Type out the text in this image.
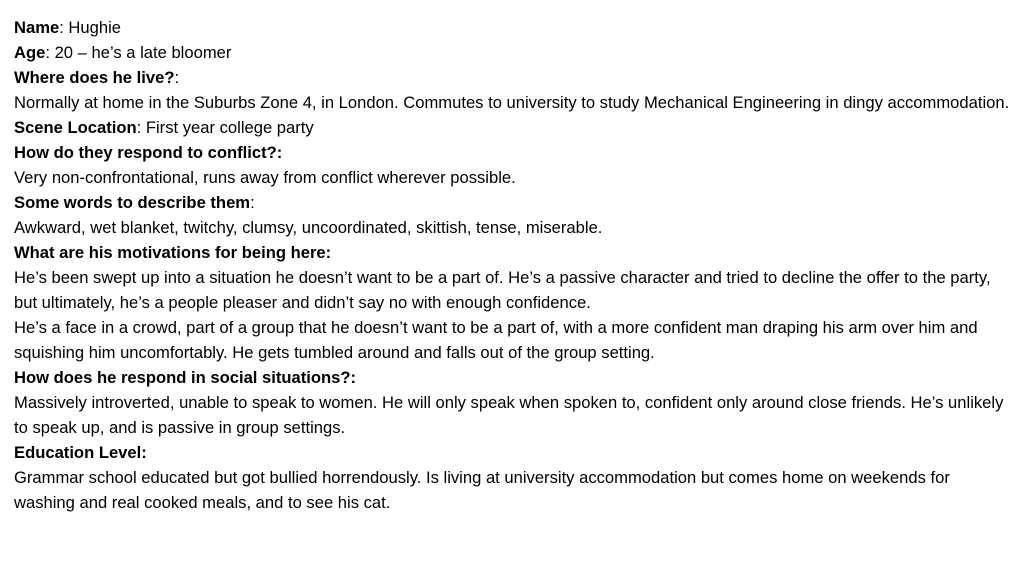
Name: Hughie

Age: 20 – he’s a late bloomer

Where does he live?:

Normally at home in the Suburbs Zone 4, in London. Commutes to university to study Mechanical Engineering in dingy accommodation.

Scene Location: First year college party

How do they respond to conflict?:

Very non-confrontational, runs away from conflict wherever possible.

Some words to describe them:

Awkward, wet blanket, twitchy, clumsy, uncoordinated, skittish, tense, miserable.

What are his motivations for being here:

He’s been swept up into a situation he doesn’t want to be a part of. He’s a passive character and tried to decline the offer to the party, but ultimately, he’s a people pleaser and didn’t say no with enough confidence.

He’s a face in a crowd, part of a group that he doesn’t want to be a part of, with a more confident man draping his arm over him and squishing him uncomfortably. He gets tumbled around and falls out of the group setting.

How does he respond in social situations?:

Massively introverted, unable to speak to women. He will only speak when spoken to, confident only around close friends. He’s unlikely to speak up, and is passive in group settings.

Education Level:

Grammar school educated but got bullied horrendously. Is living at university accommodation but comes home on weekends for washing and real cooked meals, and to see his cat.
